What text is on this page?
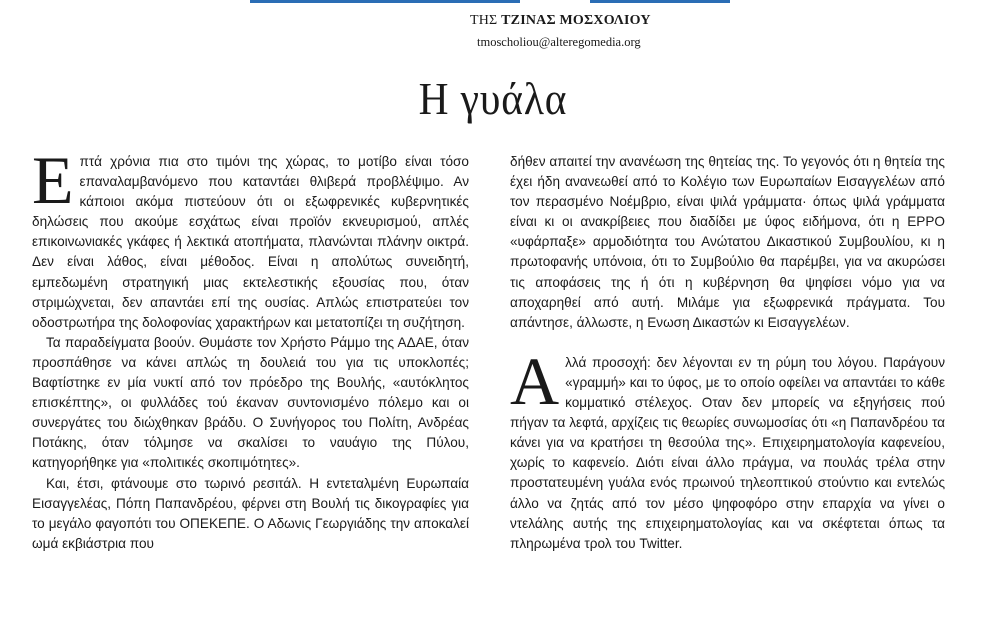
ΤΗΣ ΤΖΙΝΑΣ ΜΟΣΧΟΛΙΟΥ
tmoscholiou@alteregomedia.org
Η γυάλα

Επτά χρόνια πια στο τιμόνι της χώρας, το μοτίβο είναι τόσο επαναλαμβανόμενο που καταντάει θλιβερά προβλέψιμο. Αν κάποιοι ακόμα πιστεύουν ότι οι εξωφρενικές κυβερνητικές δηλώσεις που ακούμε εσχάτως είναι προϊόν εκνευρισμού, απλές επικοινωνιακές γκάφες ή λεκτικά ατοπήματα, πλανώνται πλάνην οικτρά. Δεν είναι λάθος, είναι μέθοδος. Είναι η απολύτως συνειδητή, εμπεδωμένη στρατηγική μιας εκτελεστικής εξουσίας που, όταν στριμώχνεται, δεν απαντάει επί της ουσίας. Απλώς επιστρατεύει τον οδοστρωτήρα της δολοφονίας χαρακτήρων και μετατοπίζει τη συζήτηση.

Τα παραδείγματα βοούν. Θυμάστε τον Χρήστο Ράμμο της ΑΔΑΕ, όταν προσπάθησε να κάνει απλώς τη δουλειά του για τις υποκλοπές; Βαφτίστηκε εν μία νυκτί από τον πρόεδρο της Βουλής, «αυτόκλητος επισκέπτης», οι φυλλάδες τού έκαναν συντονισμένο πόλεμο και οι συνεργάτες του διώχθηκαν βράδυ. Ο Συνήγορος του Πολίτη, Ανδρέας Ποτάκης, όταν τόλμησε να σκαλίσει το ναυάγιο της Πύλου, κατηγορήθηκε για «πολιτικές σκοπιμότητες».

Και, έτσι, φτάνουμε στο τωρινό ρεσιτάλ. Η εντεταλμένη Ευρωπαία Εισαγγελέας, Πόπη Παπανδρέου, φέρνει στη Βουλή τις δικογραφίες για το μεγάλο φαγοπότι του ΟΠΕΚΕΠΕ. Ο Αδωνις Γεωργιάδης την αποκαλεί ωμά εκβιάστρια που

δήθεν απαιτεί την ανανέωση της θητείας της. Το γεγονός ότι η θητεία της έχει ήδη ανανεωθεί από το Κολέγιο των Ευρωπαίων Εισαγγελέων από τον περασμένο Νοέμβριο, είναι ψιλά γράμματα· όπως ψιλά γράμματα είναι κι οι ανακρίβειες που διαδίδει με ύφος ειδήμονα, ότι η ΕΡΡΟ «υφάρπαξε» αρμοδιότητα του Ανώτατου Δικαστικού Συμβουλίου, κι η πρωτοφανής υπόνοια, ότι το Συμβούλιο θα παρέμβει, για να ακυρώσει τις αποφάσεις της ή ότι η κυβέρνηση θα ψηφίσει νόμο για να αποχαρηθεί από αυτή. Μιλάμε για εξωφρενικά πράγματα. Του απάντησε, άλλωστε, η Ενωση Δικαστών κι Εισαγγελέων.

Αλλά προσοχή: δεν λέγονται εν τη ρύμη του λόγου. Παράγουν «γραμμή» και το ύφος, με το οποίο οφείλει να απαντάει το κάθε κομματικό στέλεχος. Οταν δεν μπορείς να εξηγήσεις πού πήγαν τα λεφτά, αρχίζεις τις θεωρίες συνωμοσίας ότι «η Παπανδρέου τα κάνει για να κρατήσει τη θεσούλα της». Επιχειρηματολογία καφενείου, χωρίς το καφενείο. Διότι είναι άλλο πράγμα, να πουλάς τρέλα στην προστατευμένη γυάλα ενός πρωινού τηλεοπτικού στούντιο και εντελώς άλλο να ζητάς από τον μέσο ψηφοφόρο στην επαρχία να γίνει ο ντελάλης αυτής της επιχειρηματολογίας και να σκέφτεται όπως τα πληρωμένα τρολ του Twitter.
